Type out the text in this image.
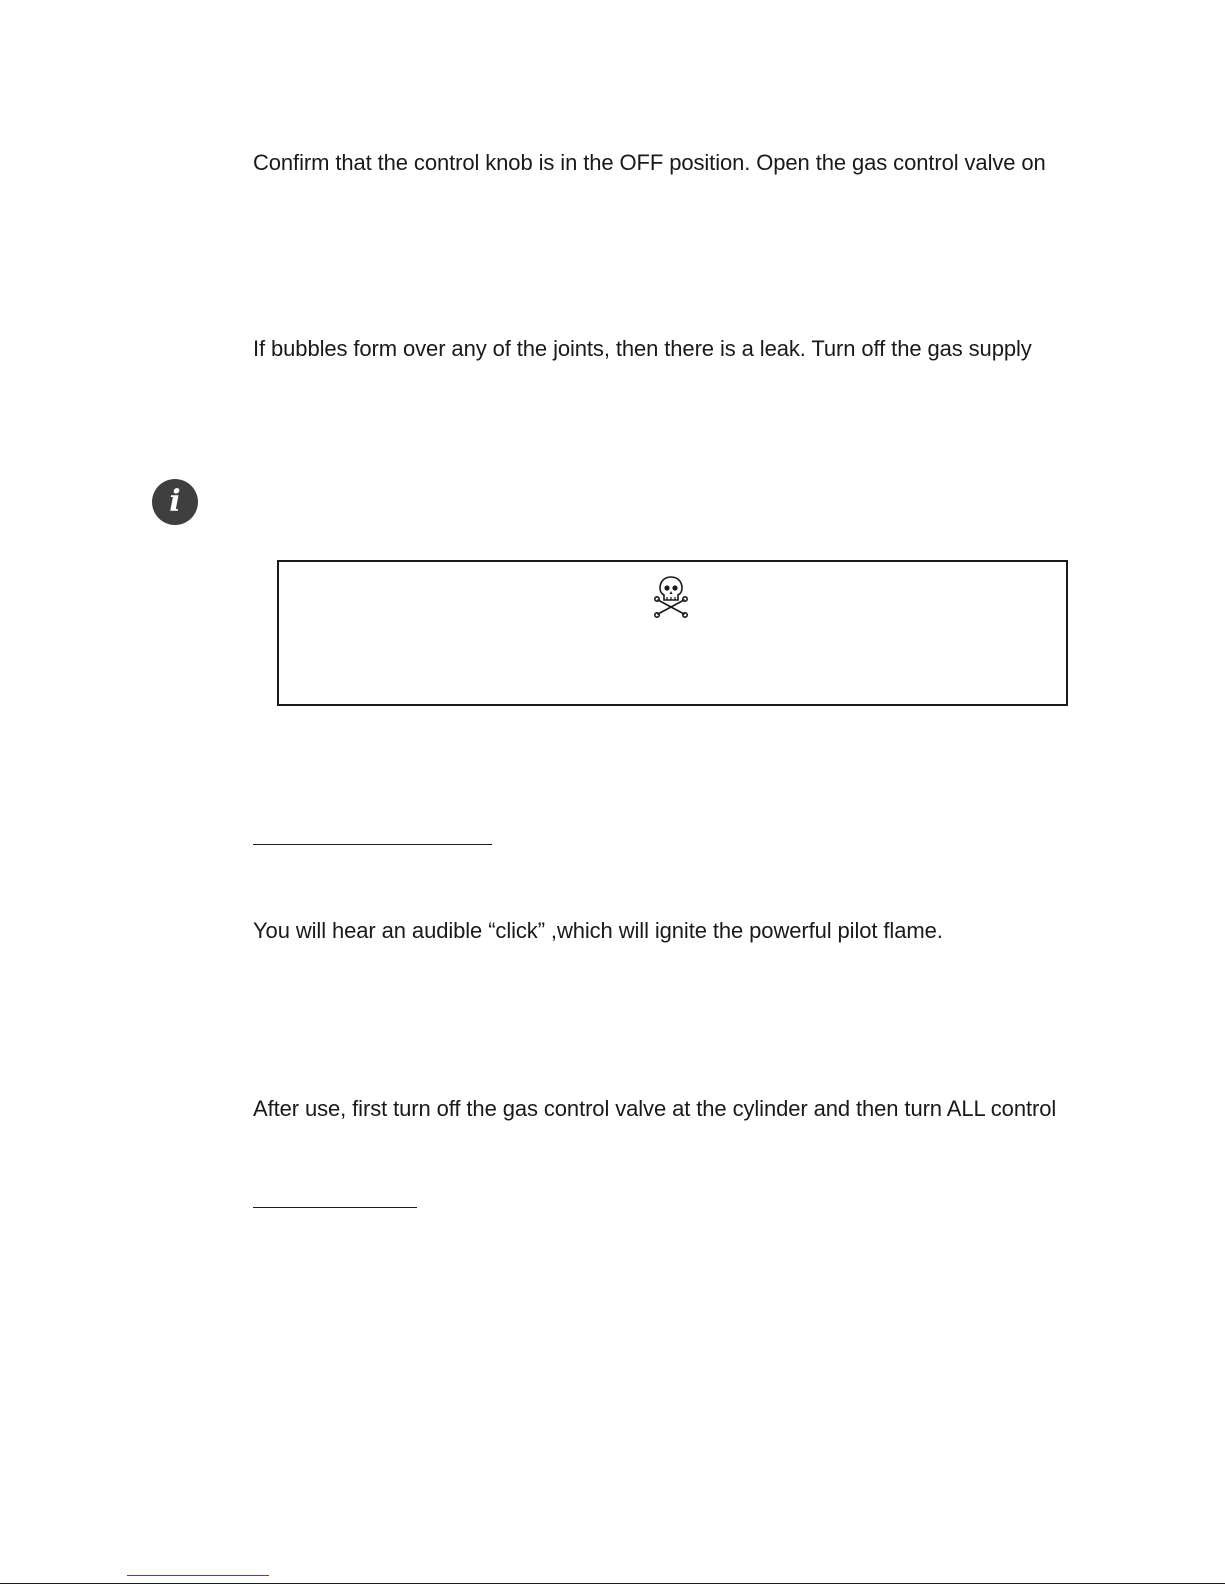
Confirm that the control knob is in the OFF position. Open the gas control valve on
If bubbles form over any of the joints, then there is a leak. Turn off the gas supply
i
You will hear an audible “click” ,which will ignite the powerful pilot flame.
After use, first turn off the gas control valve at the cylinder and then turn ALL control
